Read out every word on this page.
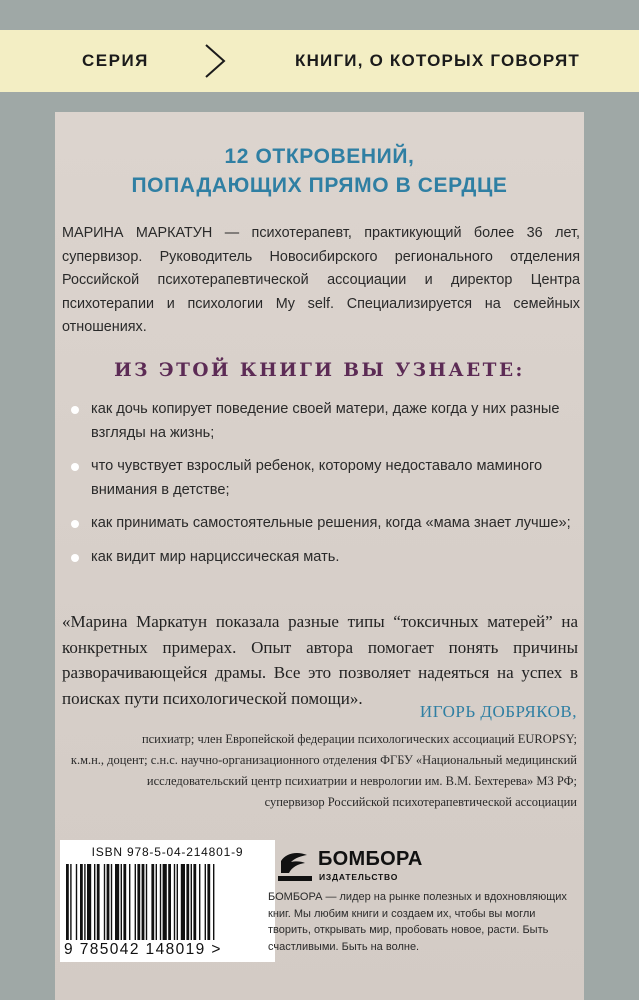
СЕРИЯ	КНИГИ, О КОТОРЫХ ГОВОРЯТ
12 ОТКРОВЕНИЙ,
ПОПАДАЮЩИХ ПРЯМО В СЕРДЦЕ
МАРИНА МАРКАТУН — психотерапевт, практикующий более 36 лет, супервизор. Руководитель Новосибирского регионального отделения Российской психотерапевтической ассоциации и директор Центра психотерапии и психологии My self. Специализируется на семейных отношениях.
ИЗ ЭТОЙ КНИГИ ВЫ УЗНАЕТЕ:
как дочь копирует поведение своей матери, даже когда у них разные взгляды на жизнь;
что чувствует взрослый ребенок, которому недоставало маминого внимания в детстве;
как принимать самостоятельные решения, когда «мама знает лучше»;
как видит мир нарциссическая мать.
«Марина Маркатун показала разные типы “токсичных матерей” на конкретных примерах. Опыт автора помогает понять причины разворачивающейся драмы. Все это позволяет надеяться на успех в поисках пути психологической помощи».
ИГОРЬ ДОБРЯКОВ,
психиатр; член Европейской федерации психологических ассоциаций EUROPSY;
к.м.н., доцент; с.н.с. научно-организационного отделения ФГБУ «Национальный медицинский
исследовательский центр психиатрии и неврологии им. В.М. Бехтерева» МЗ РФ;
супервизор Российской психотерапевтической ассоциации
ISBN 978-5-04-214801-9
9 785042 148019 >
БОМБОРА
ИЗДАТЕЛЬСТВО
БОМБОРА — лидер на рынке полезных и вдохновляющих книг. Мы любим книги и создаем их, чтобы вы могли творить, открывать мир, пробовать новое, расти. Быть счастливыми. Быть на волне.
